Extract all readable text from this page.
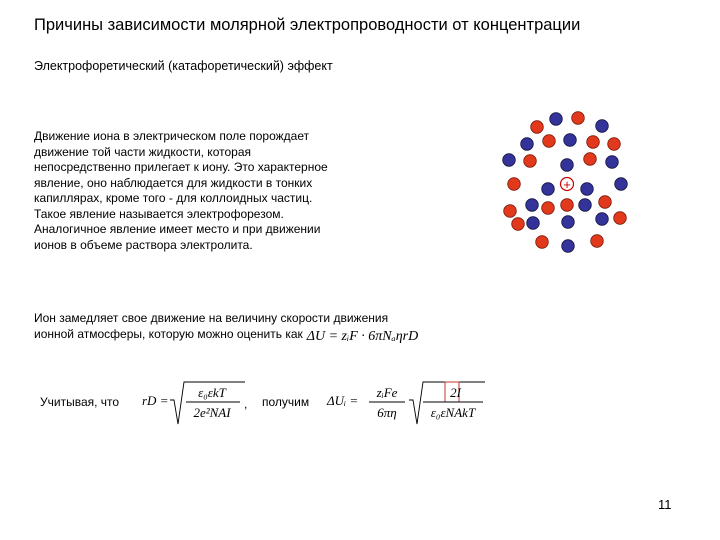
Причины зависимости молярной электропроводности от концентрации
Электрофоретический (катафоретический) эффект
Движение иона в электрическом поле порождает
движение той части жидкости, которая
непосредственно прилегает к иону. Это характерное
явление, оно наблюдается для жидкости в тонких
капиллярах, кроме того - для коллоидных частиц.
Такое явление называется электрофорезом.
Аналогичное явление имеет место и при движении
ионов в объеме раствора электролита.
+
Ион замедляет свое движение на величину скорости движения
ионной атмосферы, которую можно оценить как ΔU = zᵢF · 6πNₐηrD
Учитывая, что rD =
ε₀εkT
2e²NAI
, получим ΔUᵢ =
zᵢFe
6πη
2I
ε₀εNAkT
11
